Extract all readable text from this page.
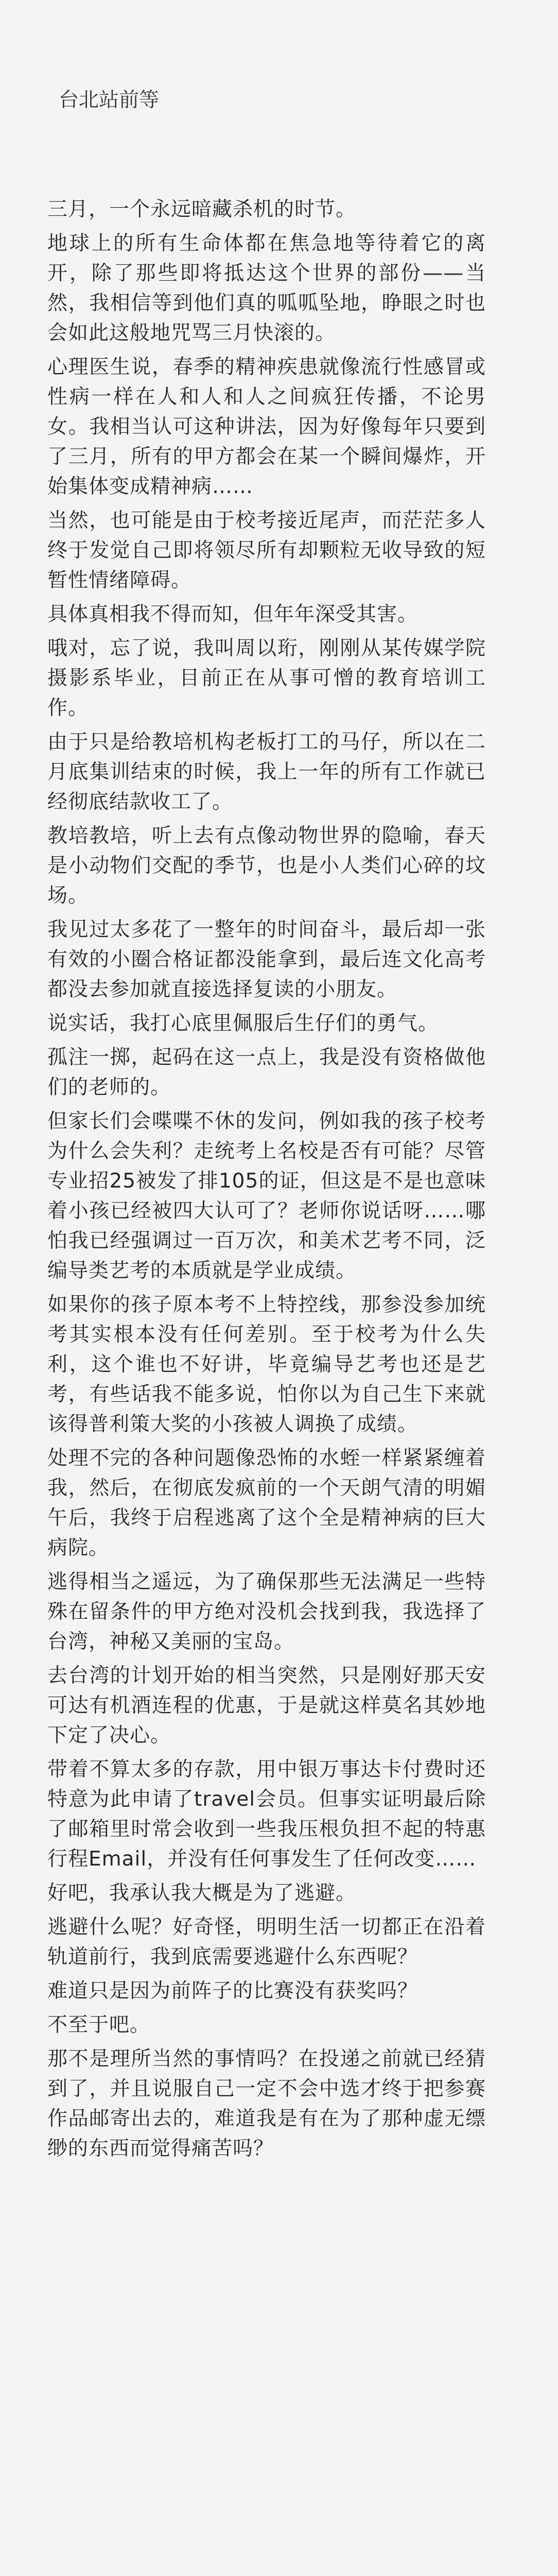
台北站前等

三月，一个永远暗藏杀机的时节。

地球上的所有生命体都在焦急地等待着它的离开，除了那些即将抵达这个世界的部份——当然，我相信等到他们真的呱呱坠地，睁眼之时也会如此这般地咒骂三月快滚的。

心理医生说，春季的精神疾患就像流行性感冒或性病一样在人和人和人之间疯狂传播，不论男女。我相当认可这种讲法，因为好像每年只要到了三月，所有的甲方都会在某一个瞬间爆炸，开始集体变成精神病……

当然，也可能是由于校考接近尾声，而茫茫多人终于发觉自己即将领尽所有却颗粒无收导致的短暂性情绪障碍。

具体真相我不得而知，但年年深受其害。

哦对，忘了说，我叫周以珩，刚刚从某传媒学院摄影系毕业，目前正在从事可憎的教育培训工作。

由于只是给教培机构老板打工的马仔，所以在二月底集训结束的时候，我上一年的所有工作就已经彻底结款收工了。

教培教培，听上去有点像动物世界的隐喻，春天是小动物们交配的季节，也是小人类们心碎的坟场。

我见过太多花了一整年的时间奋斗，最后却一张有效的小圈合格证都没能拿到，最后连文化高考都没去参加就直接选择复读的小朋友。

说实话，我打心底里佩服后生仔们的勇气。

孤注一掷，起码在这一点上，我是没有资格做他们的老师的。

但家长们会喋喋不休的发问，例如我的孩子校考为什么会失利？走统考上名校是否有可能？尽管专业招25被发了排105的证，但这是不是也意味着小孩已经被四大认可了？老师你说话呀……哪怕我已经强调过一百万次，和美术艺考不同，泛编导类艺考的本质就是学业成绩。

如果你的孩子原本考不上特控线，那参没参加统考其实根本没有任何差别。至于校考为什么失利，这个谁也不好讲，毕竟编导艺考也还是艺考，有些话我不能多说，怕你以为自己生下来就该得普利策大奖的小孩被人调换了成绩。

处理不完的各种问题像恐怖的水蛭一样紧紧缠着我，然后，在彻底发疯前的一个天朗气清的明媚午后，我终于启程逃离了这个全是精神病的巨大病院。

逃得相当之遥远，为了确保那些无法满足一些特殊在留条件的甲方绝对没机会找到我，我选择了台湾，神秘又美丽的宝岛。

去台湾的计划开始的相当突然，只是刚好那天安可达有机酒连程的优惠，于是就这样莫名其妙地下定了决心。

带着不算太多的存款，用中银万事达卡付费时还特意为此申请了travel会员。但事实证明最后除了邮箱里时常会收到一些我压根负担不起的特惠行程Email，并没有任何事发生了任何改变……

好吧，我承认我大概是为了逃避。

逃避什么呢？好奇怪，明明生活一切都正在沿着轨道前行，我到底需要逃避什么东西呢？

难道只是因为前阵子的比赛没有获奖吗？

不至于吧。

那不是理所当然的事情吗？在投递之前就已经猜到了，并且说服自己一定不会中选才终于把参赛作品邮寄出去的，难道我是有在为了那种虚无缥缈的东西而觉得痛苦吗？
